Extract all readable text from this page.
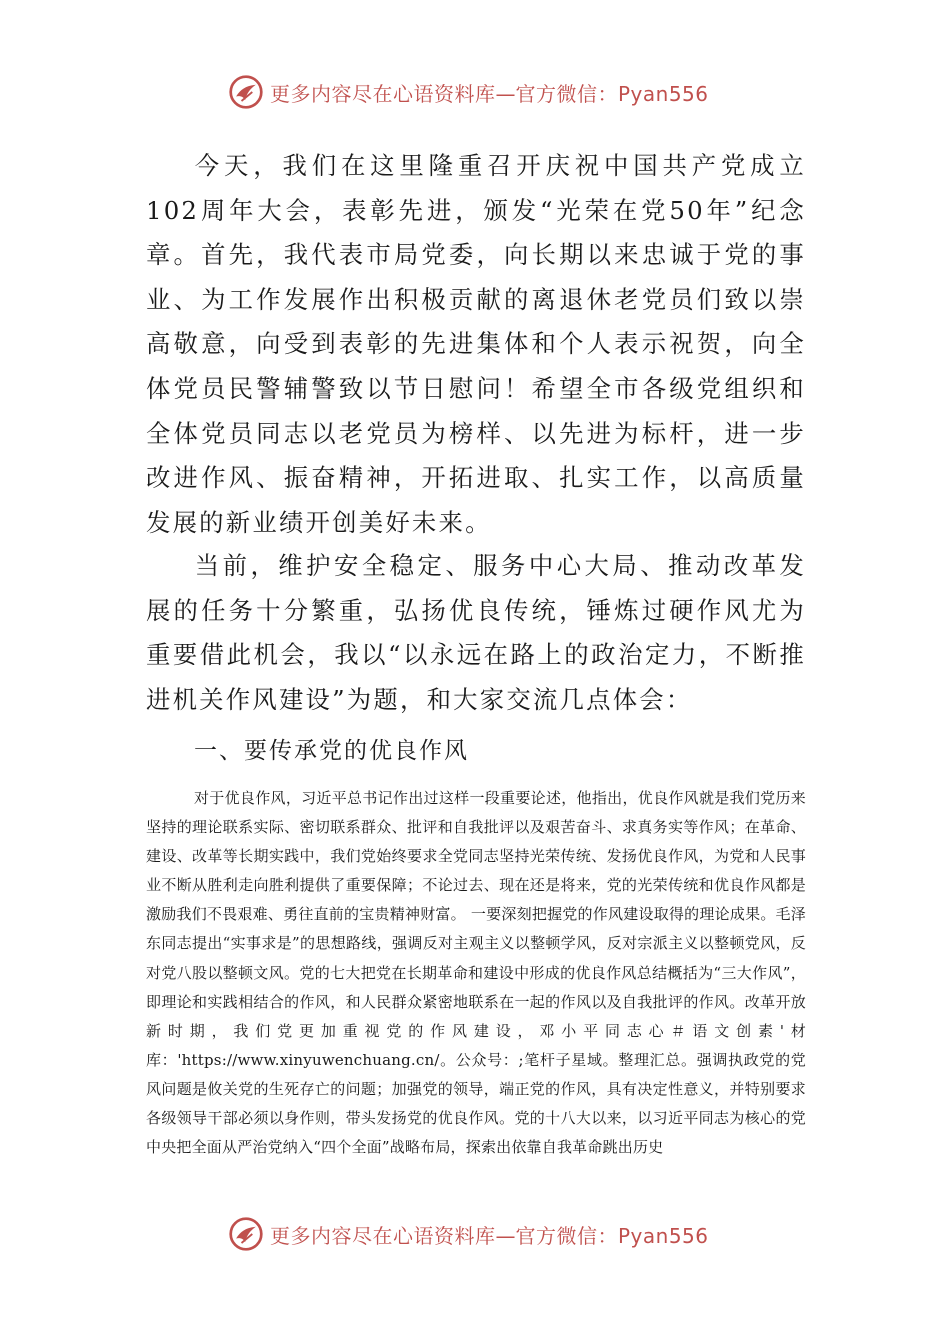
更多内容尽在心语资料库—官方微信：Pyan556

今天，我们在这里隆重召开庆祝中国共产党成立102周年大会，表彰先进，颁发“光荣在党50年”纪念章。首先，我代表市局党委，向长期以来忠诚于党的事业、为工作发展作出积极贡献的离退休老党员们致以崇高敬意，向受到表彰的先进集体和个人表示祝贺，向全体党员民警辅警致以节日慰问！希望全市各级党组织和全体党员同志以老党员为榜样、以先进为标杆，进一步改进作风、振奋精神，开拓进取、扎实工作，以高质量发展的新业绩开创美好未来。

当前，维护安全稳定、服务中心大局、推动改革发展的任务十分繁重，弘扬优良传统，锤炼过硬作风尤为重要借此机会，我以“以永远在路上的政治定力，不断推进机关作风建设”为题，和大家交流几点体会：

一、要传承党的优良作风

对于优良作风，习近平总书记作出过这样一段重要论述，他指出，优良作风就是我们党历来坚持的理论联系实际、密切联系群众、批评和自我批评以及艰苦奋斗、求真务实等作风；在革命、建设、改革等长期实践中，我们党始终要求全党同志坚持光荣传统、发扬优良作风，为党和人民事业不断从胜利走向胜利提供了重要保障；不论过去、现在还是将来，党的光荣传统和优良作风都是激励我们不畏艰难、勇往直前的宝贵精神财富。 一要深刻把握党的作风建设取得的理论成果。毛泽东同志提出“实事求是”的思想路线，强调反对主观主义以整顿学风，反对宗派主义以整顿党风，反对党八股以整顿文风。党的七大把党在长期革命和建设中形成的优良作风总结概括为“三大作风”，即理论和实践相结合的作风，和人民群众紧密地联系在一起的作风以及自我批评的作风。改革开放新时期，我们党更加重视党的作风建设，邓小平同志心＃语文创素'材库：'https://www.xinyuwenchuang.cn/。公众号：;笔杆子星域。整理汇总。强调执政党的党风问题是攸关党的生死存亡的问题；加强党的领导，端正党的作风，具有决定性意义，并特别要求各级领导干部必须以身作则，带头发扬党的优良作风。党的十八大以来，以习近平同志为核心的党中央把全面从严治党纳入“四个全面”战略布局，探索出依靠自我革命跳出历史

更多内容尽在心语资料库—官方微信：Pyan556
